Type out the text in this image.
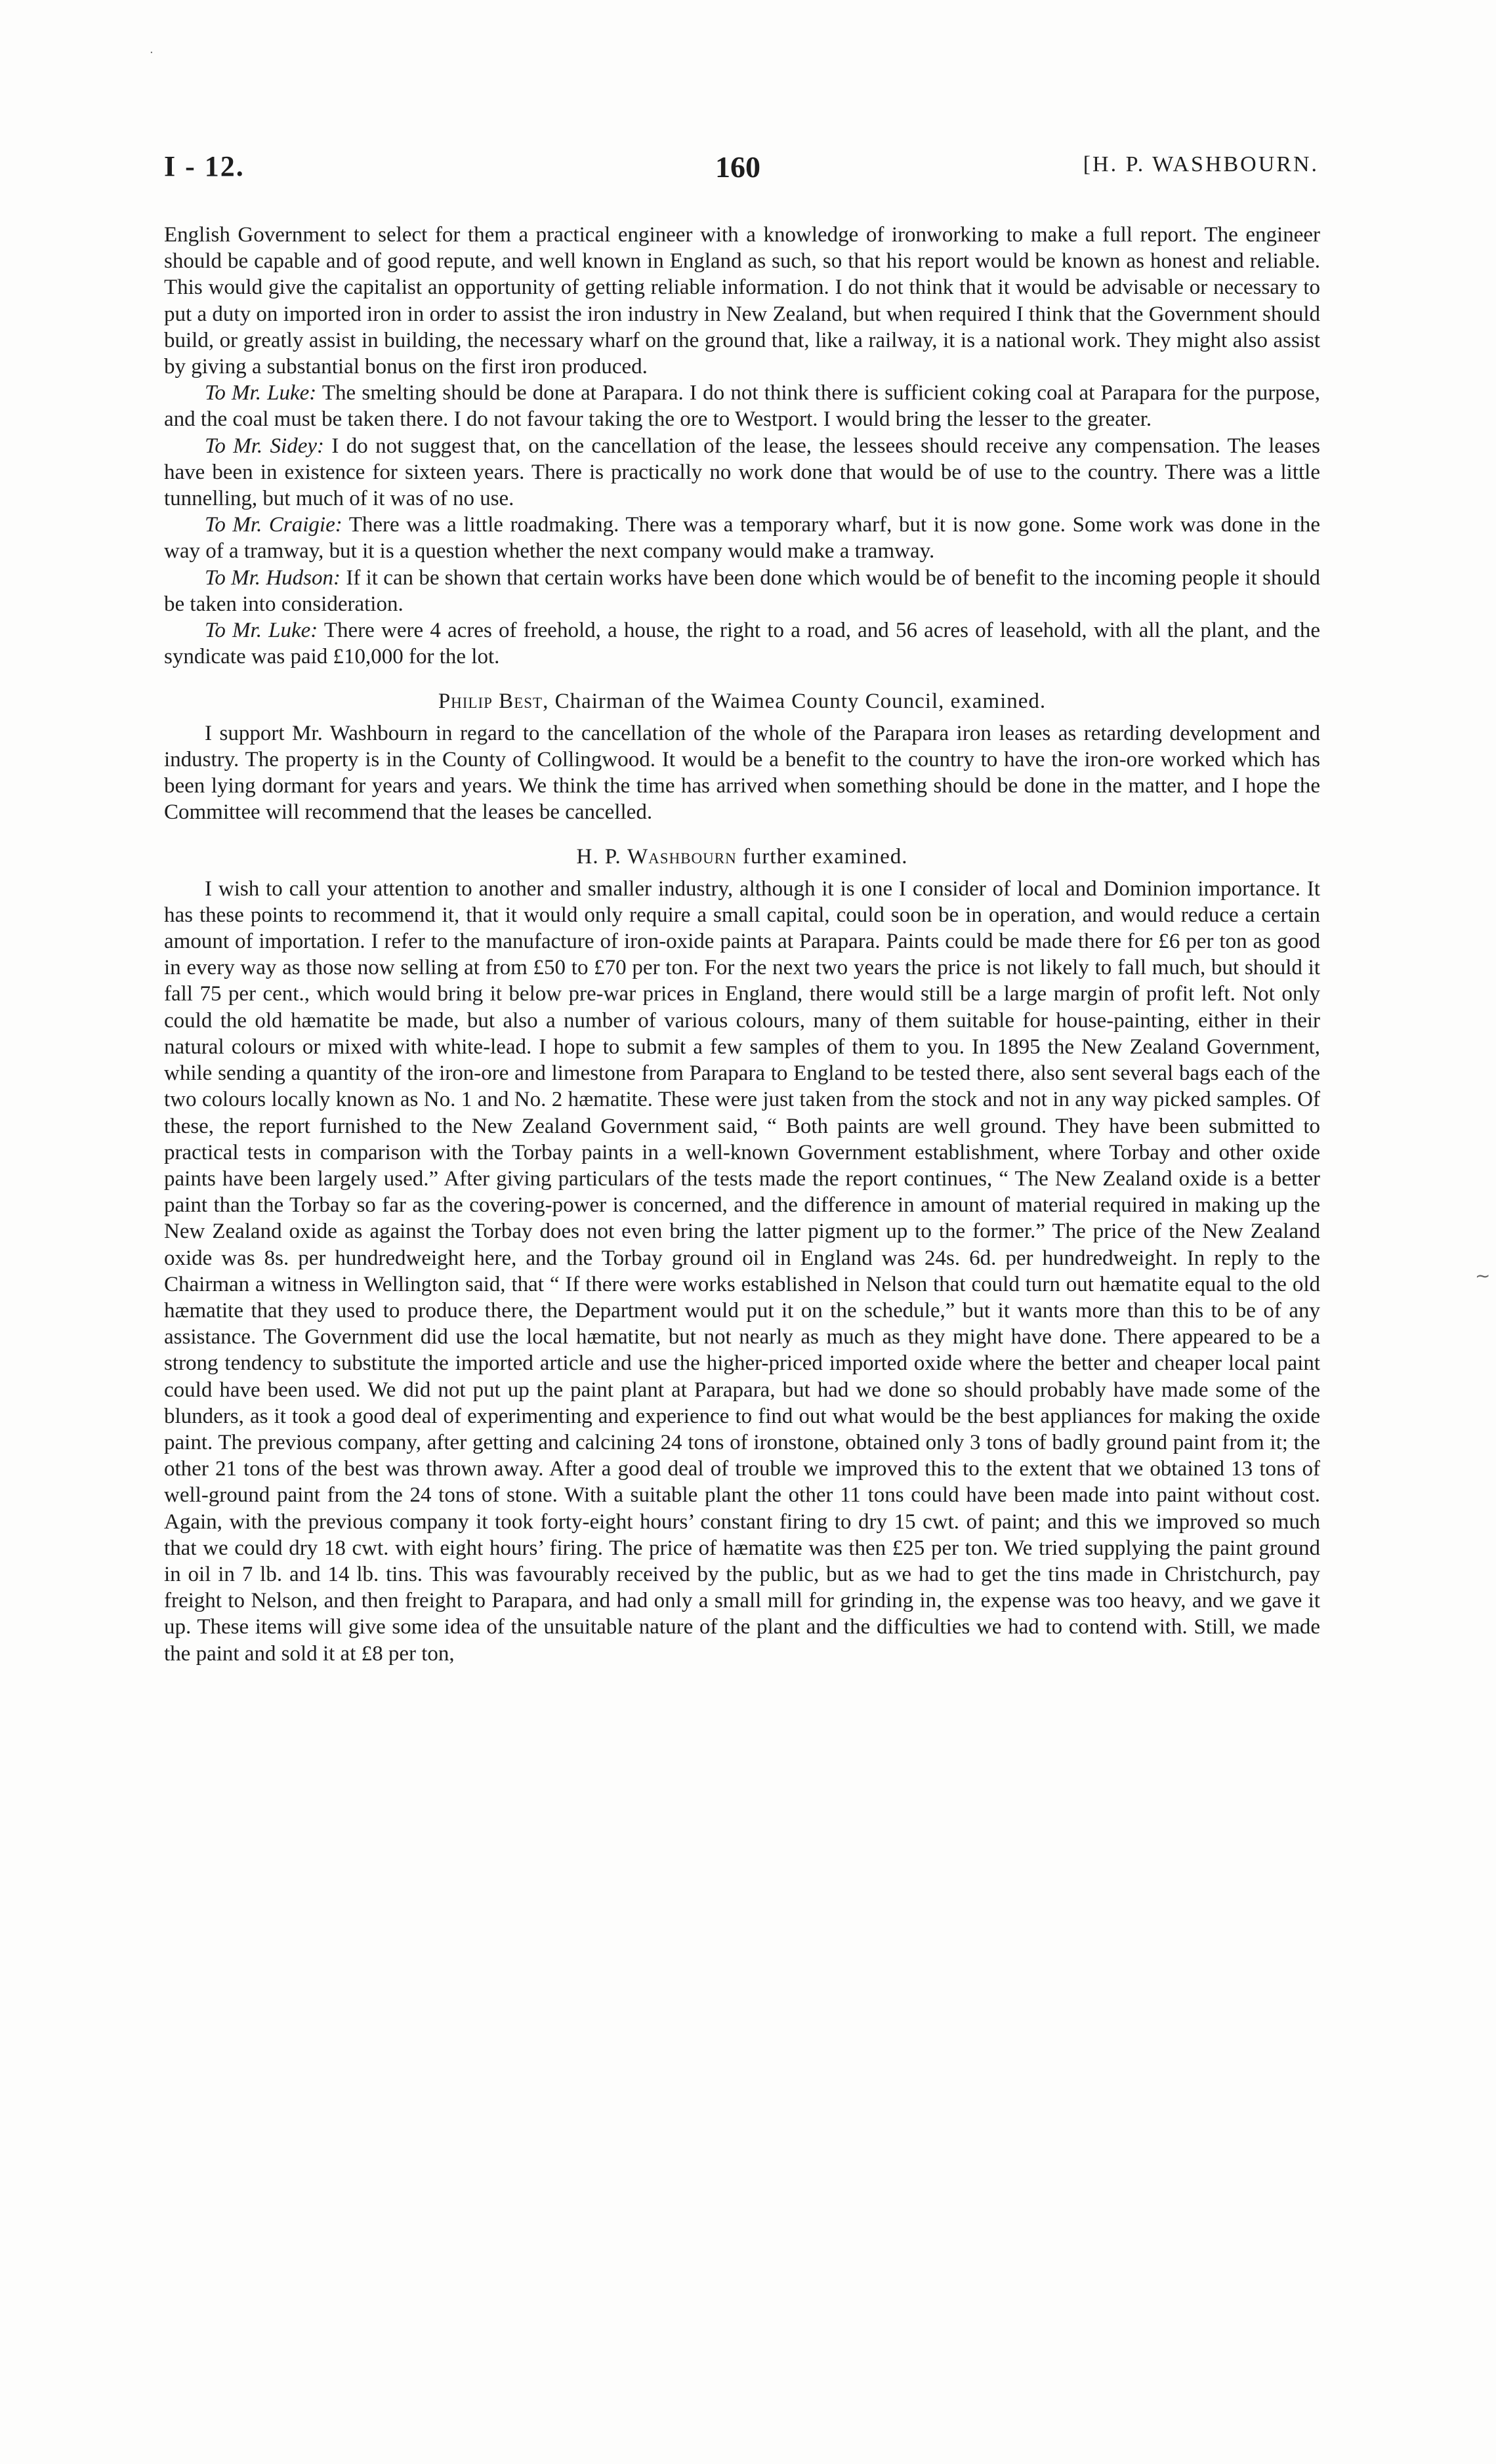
I - 12.	160	[H. P. WASHBOURN.

English Government to select for them a practical engineer with a knowledge of ironworking to make a full report. The engineer should be capable and of good repute, and well known in England as such, so that his report would be known as honest and reliable. This would give the capitalist an opportunity of getting reliable information. I do not think that it would be advisable or necessary to put a duty on imported iron in order to assist the iron industry in New Zealand, but when required I think that the Government should build, or greatly assist in building, the necessary wharf on the ground that, like a railway, it is a national work. They might also assist by giving a substantial bonus on the first iron produced.

To Mr. Luke: The smelting should be done at Parapara. I do not think there is sufficient coking coal at Parapara for the purpose, and the coal must be taken there. I do not favour taking the ore to Westport. I would bring the lesser to the greater.

To Mr. Sidey: I do not suggest that, on the cancellation of the lease, the lessees should receive any compensation. The leases have been in existence for sixteen years. There is practically no work done that would be of use to the country. There was a little tunnelling, but much of it was of no use.

To Mr. Craigie: There was a little roadmaking. There was a temporary wharf, but it is now gone. Some work was done in the way of a tramway, but it is a question whether the next company would make a tramway.

To Mr. Hudson: If it can be shown that certain works have been done which would be of benefit to the incoming people it should be taken into consideration.

To Mr. Luke: There were 4 acres of freehold, a house, the right to a road, and 56 acres of leasehold, with all the plant, and the syndicate was paid £10,000 for the lot.

Philip Best, Chairman of the Waimea County Council, examined.

I support Mr. Washbourn in regard to the cancellation of the whole of the Parapara iron leases as retarding development and industry. The property is in the County of Collingwood. It would be a benefit to the country to have the iron-ore worked which has been lying dormant for years and years. We think the time has arrived when something should be done in the matter, and I hope the Committee will recommend that the leases be cancelled.

H. P. Washbourn further examined.

I wish to call your attention to another and smaller industry, although it is one I consider of local and Dominion importance. It has these points to recommend it, that it would only require a small capital, could soon be in operation, and would reduce a certain amount of importation. I refer to the manufacture of iron-oxide paints at Parapara. Paints could be made there for £6 per ton as good in every way as those now selling at from £50 to £70 per ton. For the next two years the price is not likely to fall much, but should it fall 75 per cent., which would bring it below pre-war prices in England, there would still be a large margin of profit left. Not only could the old hæmatite be made, but also a number of various colours, many of them suitable for house-painting, either in their natural colours or mixed with white-lead. I hope to submit a few samples of them to you. In 1895 the New Zealand Government, while sending a quantity of the iron-ore and limestone from Parapara to England to be tested there, also sent several bags each of the two colours locally known as No. 1 and No. 2 hæmatite. These were just taken from the stock and not in any way picked samples. Of these, the report furnished to the New Zealand Government said, “ Both paints are well ground. They have been submitted to practical tests in comparison with the Torbay paints in a well-known Government establishment, where Torbay and other oxide paints have been largely used.” After giving particulars of the tests made the report continues, “ The New Zealand oxide is a better paint than the Torbay so far as the covering-power is concerned, and the difference in amount of material required in making up the New Zealand oxide as against the Torbay does not even bring the latter pigment up to the former.” The price of the New Zealand oxide was 8s. per hundredweight here, and the Torbay ground oil in England was 24s. 6d. per hundredweight. In reply to the Chairman a witness in Wellington said, that “ If there were works established in Nelson that could turn out hæmatite equal to the old hæmatite that they used to produce there, the Department would put it on the schedule,” but it wants more than this to be of any assistance. The Government did use the local hæmatite, but not nearly as much as they might have done. There appeared to be a strong tendency to substitute the imported article and use the higher-priced imported oxide where the better and cheaper local paint could have been used. We did not put up the paint plant at Parapara, but had we done so should probably have made some of the blunders, as it took a good deal of experimenting and experience to find out what would be the best appliances for making the oxide paint. The previous company, after getting and calcining 24 tons of ironstone, obtained only 3 tons of badly ground paint from it; the other 21 tons of the best was thrown away. After a good deal of trouble we improved this to the extent that we obtained 13 tons of well-ground paint from the 24 tons of stone. With a suitable plant the other 11 tons could have been made into paint without cost. Again, with the previous company it took forty-eight hours’ constant firing to dry 15 cwt. of paint; and this we improved so much that we could dry 18 cwt. with eight hours’ firing. The price of hæmatite was then £25 per ton. We tried supplying the paint ground in oil in 7 lb. and 14 lb. tins. This was favourably received by the public, but as we had to get the tins made in Christchurch, pay freight to Nelson, and then freight to Parapara, and had only a small mill for grinding in, the expense was too heavy, and we gave it up. These items will give some idea of the unsuitable nature of the plant and the difficulties we had to contend with. Still, we made the paint and sold it at £8 per ton,

~
·
